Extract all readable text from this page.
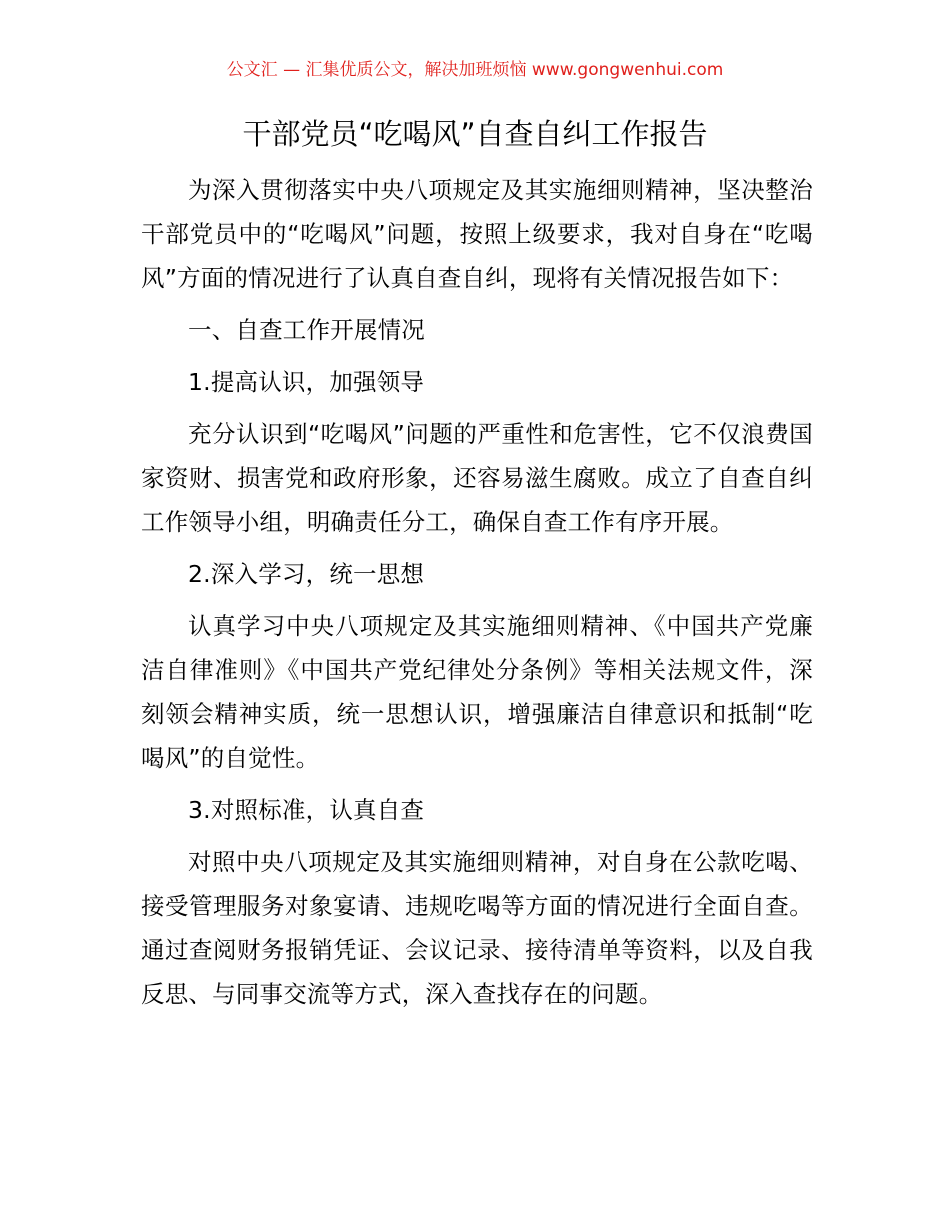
公文汇 — 汇集优质公文，解决加班烦恼 www.gongwenhui.com
干部党员“吃喝风”自查自纠工作报告

为深入贯彻落实中央八项规定及其实施细则精神，坚决整治干部党员中的“吃喝风”问题，按照上级要求，我对自身在“吃喝风”方面的情况进行了认真自查自纠，现将有关情况报告如下：

一、自查工作开展情况

1.提高认识，加强领导

充分认识到“吃喝风”问题的严重性和危害性，它不仅浪费国家资财、损害党和政府形象，还容易滋生腐败。成立了自查自纠工作领导小组，明确责任分工，确保自查工作有序开展。

2.深入学习，统一思想

认真学习中央八项规定及其实施细则精神、《中国共产党廉洁自律准则》《中国共产党纪律处分条例》等相关法规文件，深刻领会精神实质，统一思想认识，增强廉洁自律意识和抵制“吃喝风”的自觉性。

3.对照标准，认真自查

对照中央八项规定及其实施细则精神，对自身在公款吃喝、接受管理服务对象宴请、违规吃喝等方面的情况进行全面自查。通过查阅财务报销凭证、会议记录、接待清单等资料，以及自我反思、与同事交流等方式，深入查找存在的问题。
